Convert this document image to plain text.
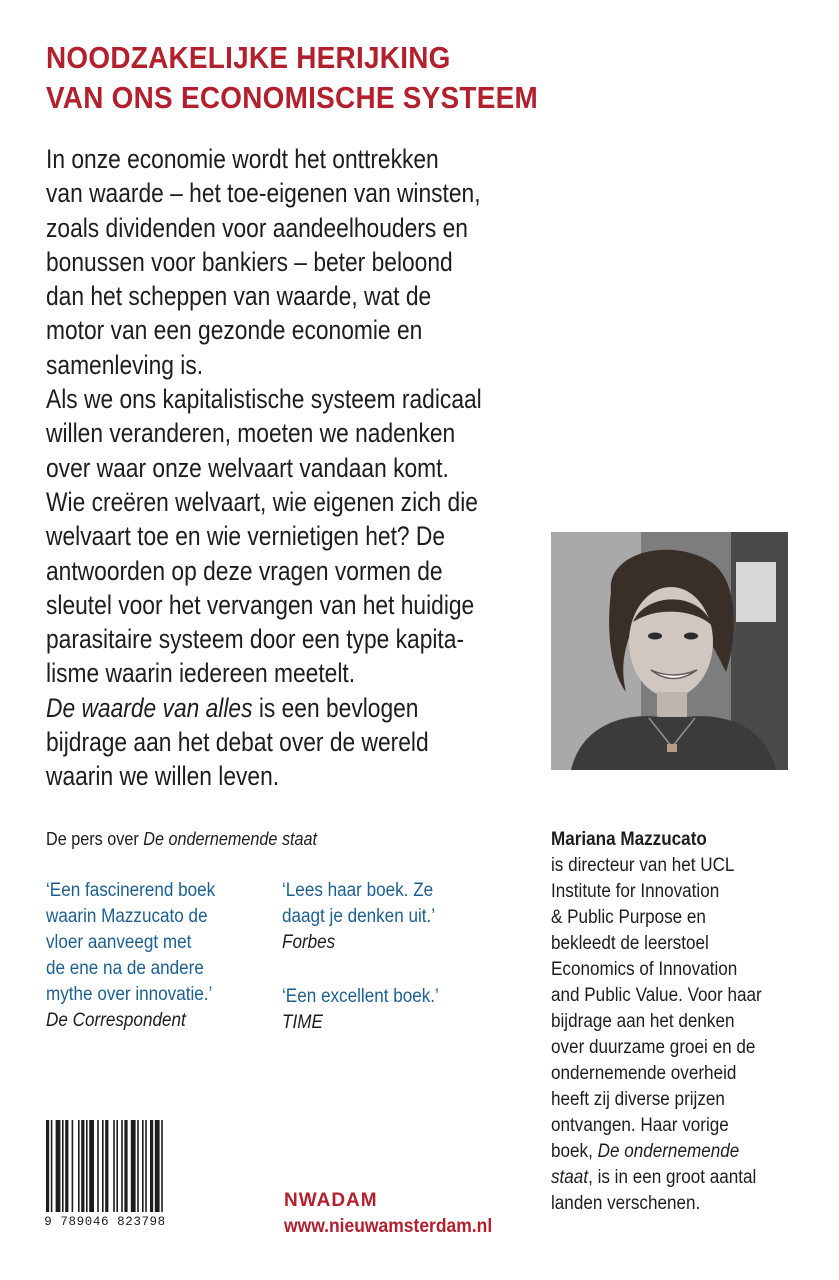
NOODZAKELIJKE HERIJKING
VAN ONS ECONOMISCHE SYSTEEM
In onze economie wordt het onttrekken
van waarde – het toe-eigenen van winsten,
zoals dividenden voor aandeelhouders en
bonussen voor bankiers – beter beloond
dan het scheppen van waarde, wat de
motor van een gezonde economie en
samenleving is.
Als we ons kapitalistische systeem radicaal
willen veranderen, moeten we nadenken
over waar onze welvaart vandaan komt.
Wie creëren welvaart, wie eigenen zich die
welvaart toe en wie vernietigen het? De
antwoorden op deze vragen vormen de
sleutel voor het vervangen van het huidige
parasitaire systeem door een type kapita-
lisme waarin iedereen meetelt.
De waarde van alles is een bevlogen
bijdrage aan het debat over de wereld
waarin we willen leven.
De pers over De ondernemende staat
‘Een fascinerend boek
waarin Mazzucato de
vloer aanveegt met
de ene na de andere
mythe over innovatie.’
De Correspondent
‘Lees haar boek. Ze
daagt je denken uit.’
Forbes
‘Een excellent boek.’
TIME
Mariana Mazzucato
is directeur van het UCL
Institute for Innovation
& Public Purpose en
bekleedt de leerstoel
Economics of Innovation
and Public Value. Voor haar
bijdrage aan het denken
over duurzame groei en de
ondernemende overheid
heeft zij diverse prijzen
ontvangen. Haar vorige
boek, De ondernemende
staat, is in een groot aantal
landen verschenen.
9 789046 823798
NWADAM
www.nieuwamsterdam.nl
